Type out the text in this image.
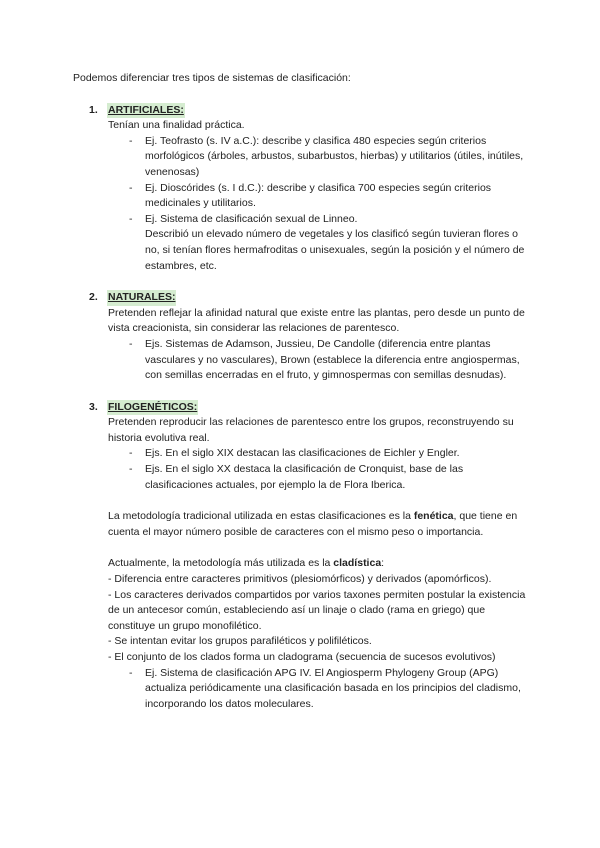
Podemos diferenciar tres tipos de sistemas de clasificación:

1. ARTIFICIALES:

Tenían una finalidad práctica.

- Ej. Teofrasto (s. IV a.C.): describe y clasifica 480 especies según criterios morfológicos (árboles, arbustos, subarbustos, hierbas) y utilitarios (útiles, inútiles, venenosas)
- Ej. Dioscórides (s. I d.C.): describe y clasifica 700 especies según criterios medicinales y utilitarios.
- Ej. Sistema de clasificación sexual de Linneo.
Describió un elevado número de vegetales y los clasificó según tuvieran flores o no, si tenían flores hermafroditas o unisexuales, según la posición y el número de estambres, etc.
2. NATURALES:

Pretenden reflejar la afinidad natural que existe entre las plantas, pero desde un punto de vista creacionista, sin considerar las relaciones de parentesco.

- Ejs. Sistemas de Adamson, Jussieu, De Candolle (diferencia entre plantas vasculares y no vasculares), Brown (establece la diferencia entre angiospermas, con semillas encerradas en el fruto, y gimnospermas con semillas desnudas).
3. FILOGENÉTICOS:

Pretenden reproducir las relaciones de parentesco entre los grupos, reconstruyendo su historia evolutiva real.

- Ejs. En el siglo XIX destacan las clasificaciones de Eichler y Engler.
- Ejs. En el siglo XX destaca la clasificación de Cronquist, base de las clasificaciones actuales, por ejemplo la de Flora Iberica.

La metodología tradicional utilizada en estas clasificaciones es la fenética, que tiene en cuenta el mayor número posible de caracteres con el mismo peso o importancia.

Actualmente, la metodología más utilizada es la cladística:

- Diferencia entre caracteres primitivos (plesiomórficos) y derivados (apomórficos).

- Los caracteres derivados compartidos por varios taxones permiten postular la existencia de un antecesor común, estableciendo así un linaje o clado (rama en griego) que constituye un grupo monofilético.

- Se intentan evitar los grupos parafiléticos y polifiléticos.

- El conjunto de los clados forma un cladograma (secuencia de sucesos evolutivos)

- Ej. Sistema de clasificación APG IV. El Angiosperm Phylogeny Group (APG) actualiza periódicamente una clasificación basada en los principios del cladismo, incorporando los datos moleculares.
